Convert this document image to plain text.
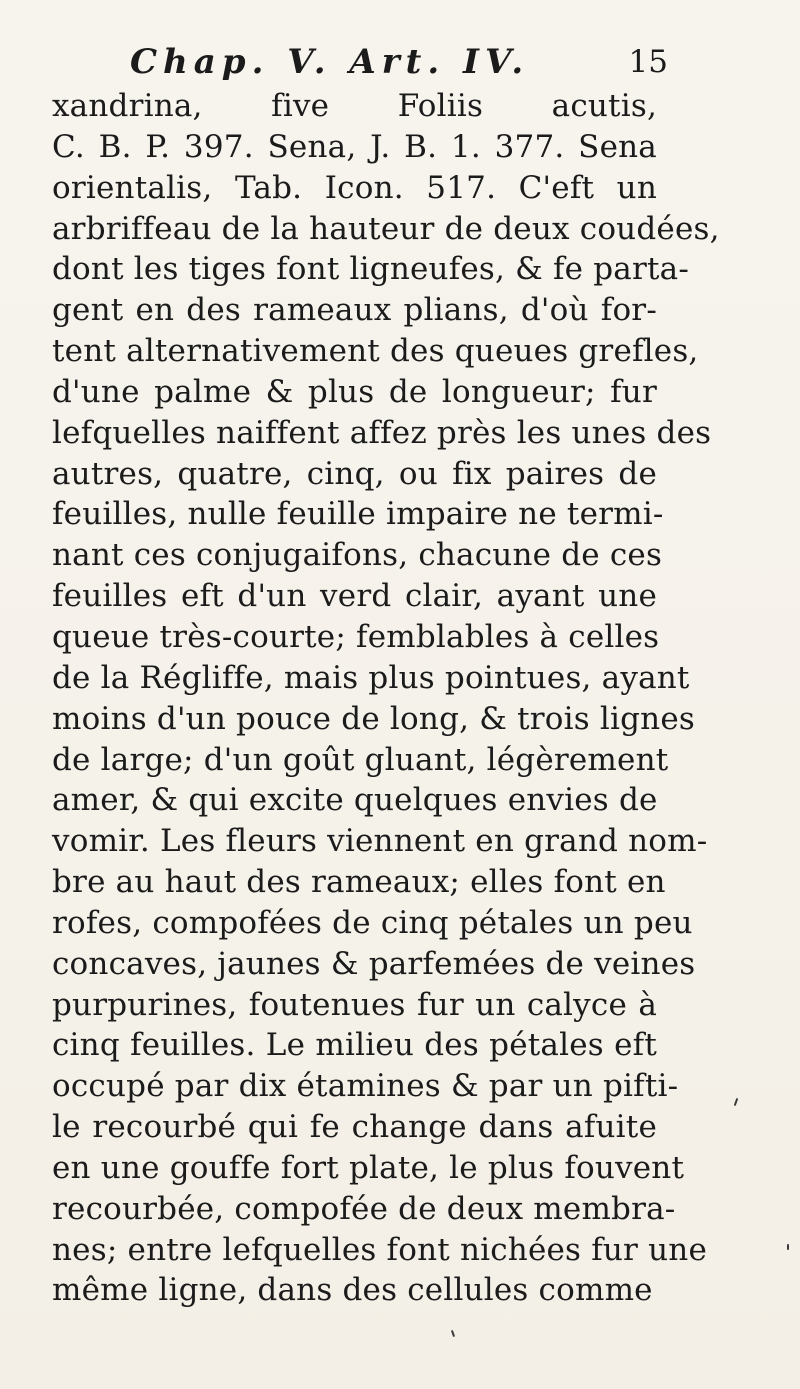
Chap. V. Art. IV.	15
xandrina, five Foliis acutis,
C. B. P. 397. Sena, J. B. 1. 377. Sena
orientalis, Tab. Icon. 517. C'eft un
arbriffeau de la hauteur de deux coudées,
dont les tiges font ligneufes, & fe parta-
gent en des rameaux plians, d'où for-
tent alternativement des queues grefles,
d'une palme & plus de longueur; fur
lefquelles naiffent affez près les unes des
autres, quatre, cinq, ou fix paires de
feuilles, nulle feuille impaire ne termi-
nant ces conjugaifons, chacune de ces
feuilles eft d'un verd clair, ayant une
queue très-courte; femblables à celles
de la Régliffe, mais plus pointues, ayant
moins d'un pouce de long, & trois lignes
de large; d'un goût gluant, légèrement
amer, & qui excite quelques envies de
vomir. Les fleurs viennent en grand nom-
bre au haut des rameaux; elles font en
rofes, compofées de cinq pétales un peu
concaves, jaunes & parfemées de veines
purpurines, foutenues fur un calyce à
cinq feuilles. Le milieu des pétales eft
occupé par dix étamines & par un pifti-
le recourbé qui fe change dans afuite
en une gouffe fort plate, le plus fouvent
recourbée, compofée de deux membra-
nes; entre lefquelles font nichées fur une
même ligne, dans des cellules comme
